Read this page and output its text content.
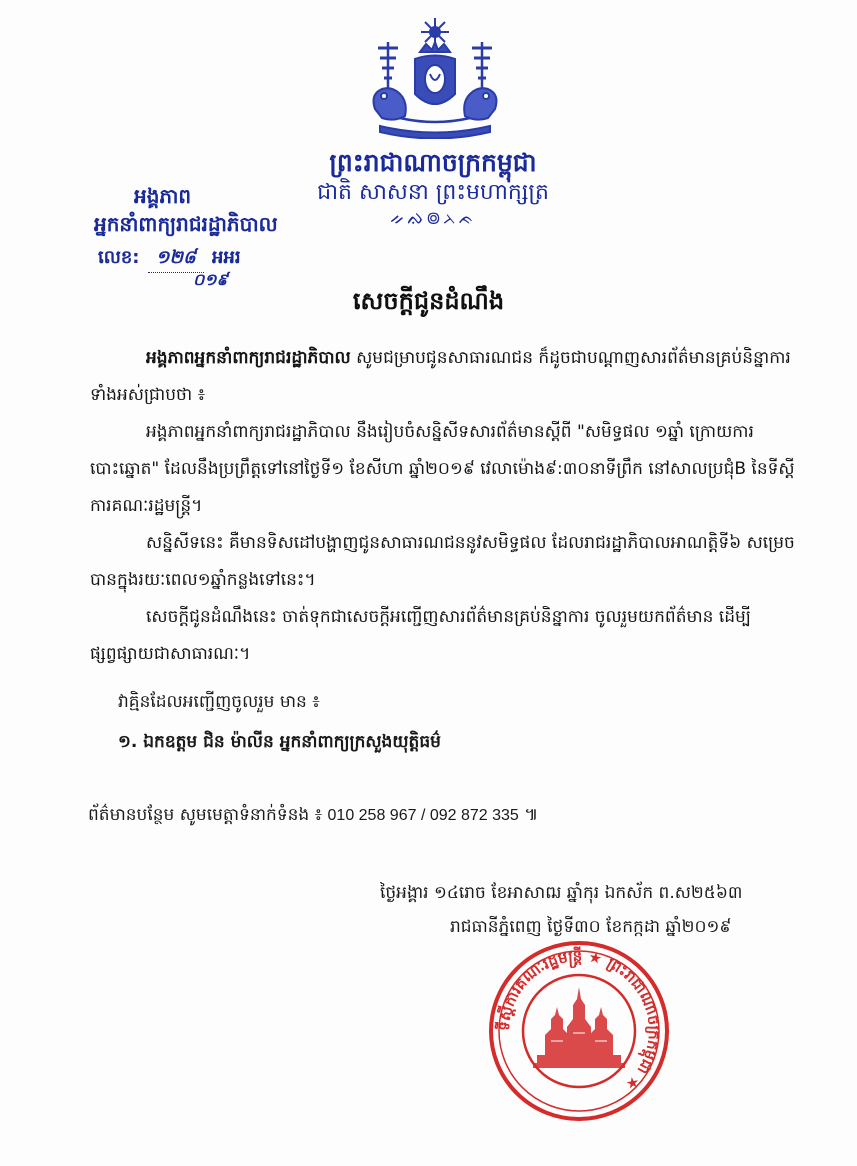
ព្រះរាជាណាចក្រកម្ពុជា
ជាតិ សាសនា ព្រះមហាក្សត្រ
ᨀᨁ៙ᨂᨃ
អង្គភាព
អ្នកនាំពាក្យរាជរដ្ឋាភិបាល
លេខ: ១២៨ អអរ
០១៩
សេចក្តីជូនដំណឹង

អង្គភាពអ្នកនាំពាក្យរាជរដ្ឋាភិបាល សូមជម្រាបជូនសាធារណជន ក៏ដូចជាបណ្តាញសារព័ត៌មានគ្រប់និន្នាការទាំងអស់ជ្រាបថា ៖

អង្គភាពអ្នកនាំពាក្យរាជរដ្ឋាភិបាល នឹងរៀបចំសន្និសីទសារព័ត៌មានស្តីពី "សមិទ្ធផល ១ឆ្នាំ ក្រោយការបោះឆ្នោត" ដែលនឹងប្រព្រឹត្តទៅនៅថ្ងៃទី១ ខែសីហា ឆ្នាំ២០១៩ វេលាម៉ោង៩:៣០នាទីព្រឹក នៅសាលប្រជុំB នៃទីស្តីការគណៈរដ្ឋមន្ត្រី។

សន្និសីទនេះ គឺមានទិសដៅបង្ហាញជូនសាធារណជននូវសមិទ្ធផល ដែលរាជរដ្ឋាភិបាលអាណត្តិទី៦ សម្រេចបានក្នុងរយៈពេល១ឆ្នាំកន្លងទៅនេះ។

សេចក្តីជូនដំណឹងនេះ ចាត់ទុកជាសេចក្តីអញ្ជើញសារព័ត៌មានគ្រប់និន្នាការ ចូលរួមយកព័ត៌មាន ដើម្បីផ្សព្វផ្សាយជាសាធារណៈ។

វាគ្មិនដែលអញ្ជើញចូលរួម មាន ៖
១. ឯកឧត្តម ជិន ម៉ាលីន អ្នកនាំពាក្យក្រសួងយុត្តិធម៌
ព័ត៌មានបន្ថែម សូមមេត្តាទំនាក់ទំនង ៖ 010 258 967 / 092 872 335 ៕
ថ្ងៃអង្គារ ១៤រោច ខែអាសាឍ ឆ្នាំកុរ ឯកស័ក ព.ស២៥៦៣
រាជធានីភ្នំពេញ ថ្ងៃទី៣០ ខែកក្កដា ឆ្នាំ២០១៩
ទីស្តីការគណៈរដ្ឋមន្ត្រី ★ ព្រះរាជាណាចក្រកម្ពុជា ★
